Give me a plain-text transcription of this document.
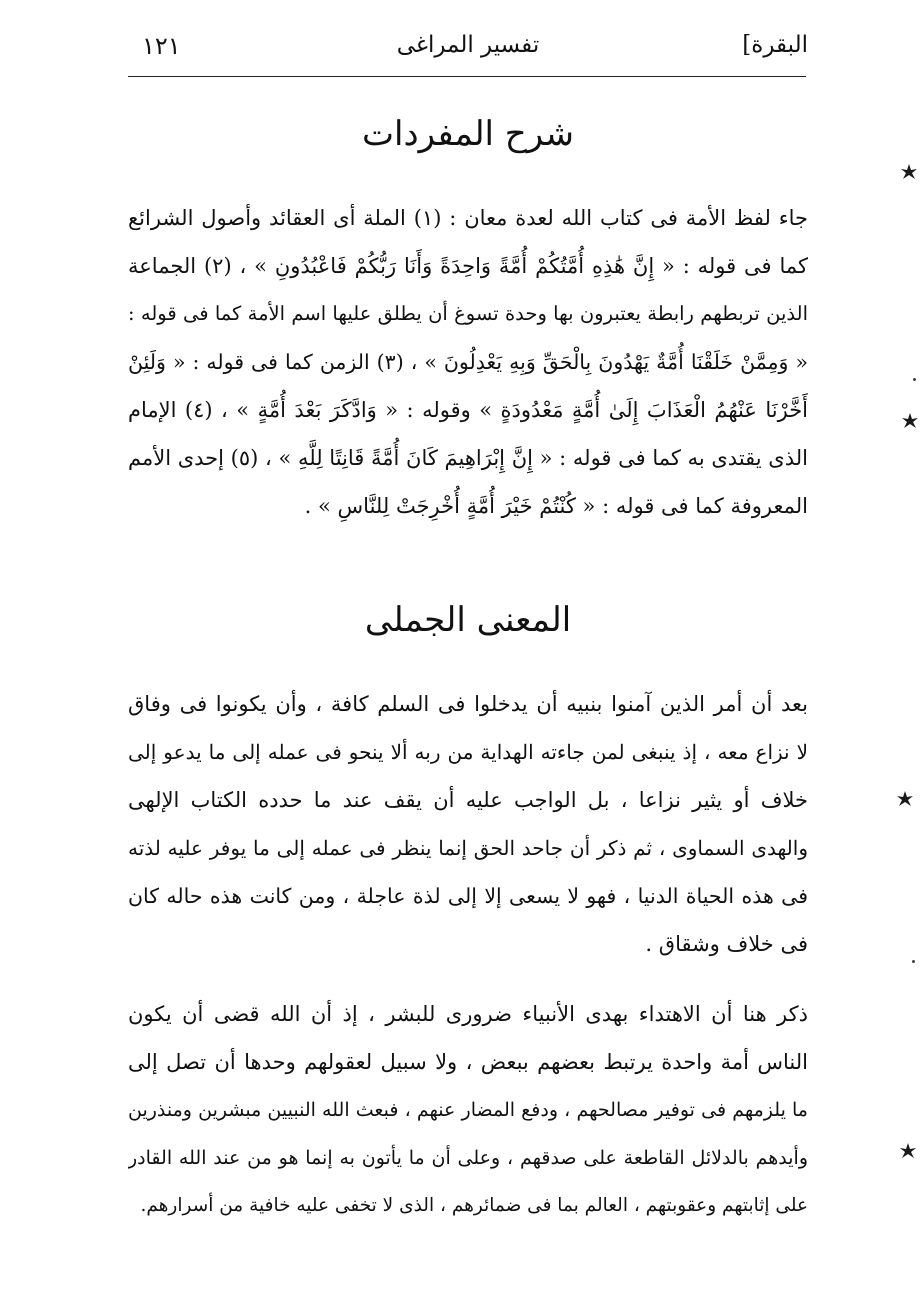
البقرة]
تفسير المراغى
١٢١
شرح المفردات
جاء لفظ الأمة فى كتاب الله لعدة معان : (١) الملة أى العقائد وأصول الشرائع
كما فى قوله : « إِنَّ هَٰذِهِ أُمَّتُكُمْ أُمَّةً وَاحِدَةً وَأَنَا رَبُّكُمْ فَاعْبُدُونِ » ، (٢) الجماعة
الذين تربطهم رابطة يعتبرون بها وحدة تسوغ أن يطلق عليها اسم الأمة كما فى قوله :
« وَمِمَّنْ خَلَقْنَا أُمَّةٌ يَهْدُونَ بِالْحَقِّ وَبِهِ يَعْدِلُونَ » ، (٣) الزمن كما فى قوله : « وَلَئِنْ
أَخَّرْنَا عَنْهُمُ الْعَذَابَ إِلَىٰ أُمَّةٍ مَعْدُودَةٍ » وقوله : « وَادَّكَرَ بَعْدَ أُمَّةٍ » ، (٤) الإمام
الذى يقتدى به كما فى قوله : « إِنَّ إِبْرَاهِيمَ كَانَ أُمَّةً قَانِتًا لِلَّهِ » ، (٥) إحدى الأمم
المعروفة كما فى قوله : « كُنْتُمْ خَيْرَ أُمَّةٍ أُخْرِجَتْ لِلنَّاسِ » .
المعنى الجملى
بعد أن أمر الذين آمنوا بنبيه أن يدخلوا فى السلم كافة ، وأن يكونوا فى وفاق
لا نزاع معه ، إذ ينبغى لمن جاءته الهداية من ربه ألا ينحو فى عمله إلى ما يدعو إلى
خلاف أو يثير نزاعا ، بل الواجب عليه أن يقف عند ما حدده الكتاب الإلهى
والهدى السماوى ، ثم ذكر أن جاحد الحق إنما ينظر فى عمله إلى ما يوفر عليه لذته
فى هذه الحياة الدنيا ، فهو لا يسعى إلا إلى لذة عاجلة ، ومن كانت هذه حاله كان
فى خلاف وشقاق .
ذكر هنا أن الاهتداء بهدى الأنبياء ضرورى للبشر ، إذ أن الله قضى أن يكون
الناس أمة واحدة يرتبط بعضهم ببعض ، ولا سبيل لعقولهم وحدها أن تصل إلى
ما يلزمهم فى توفير مصالحهم ، ودفع المضار عنهم ، فبعث الله النبيين مبشرين ومنذرين
وأيدهم بالدلائل القاطعة على صدقهم ، وعلى أن ما يأتون به إنما هو من عند الله القادر
على إثابتهم وعقوبتهم ، العالم بما فى ضمائرهم ، الذى لا تخفى عليه خافية من أسرارهم.
